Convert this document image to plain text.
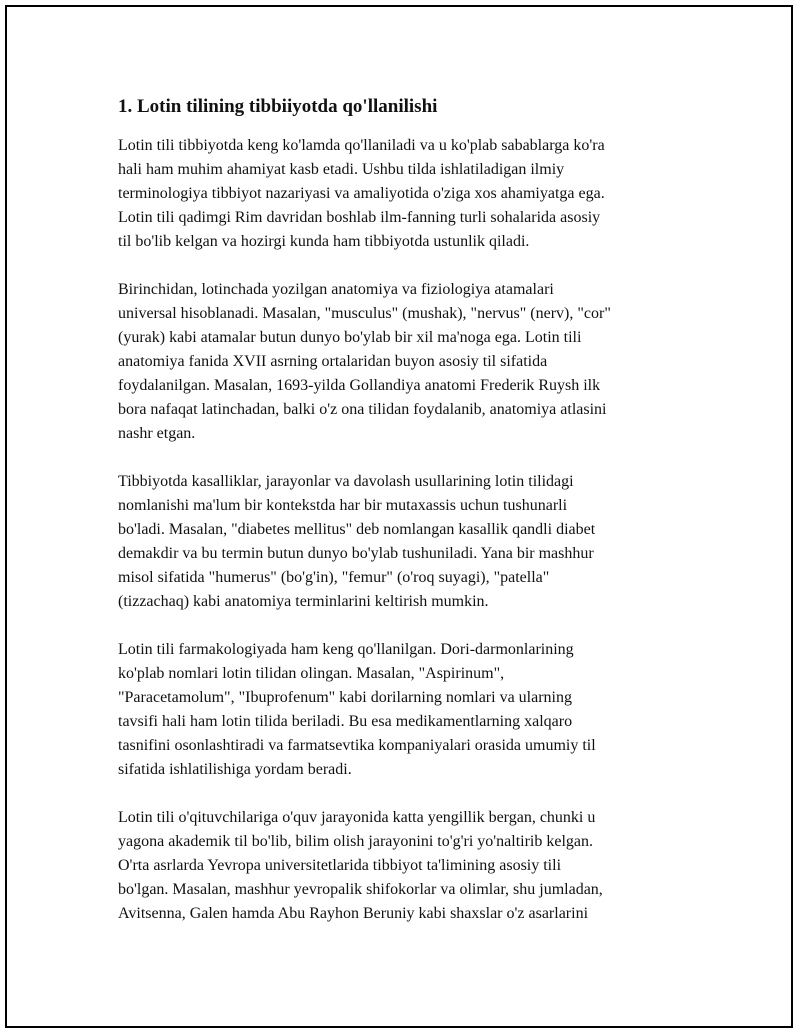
1. Lotin tilining tibbiiyotda qo'llanilishi
Lotin tili tibbiyotda keng ko'lamda qo'llaniladi va u ko'plab sabablarga ko'ra
hali ham muhim ahamiyat kasb etadi. Ushbu tilda ishlatiladigan ilmiy
terminologiya tibbiyot nazariyasi va amaliyotida o'ziga xos ahamiyatga ega.
Lotin tili qadimgi Rim davridan boshlab ilm-fanning turli sohalarida asosiy
til bo'lib kelgan va hozirgi kunda ham tibbiyotda ustunlik qiladi.
Birinchidan, lotinchada yozilgan anatomiya va fiziologiya atamalari
universal hisoblanadi. Masalan, "musculus" (mushak), "nervus" (nerv), "cor"
(yurak) kabi atamalar butun dunyo bo'ylab bir xil ma'noga ega. Lotin tili
anatomiya fanida XVII asrning ortalaridan buyon asosiy til sifatida
foydalanilgan. Masalan, 1693-yilda Gollandiya anatomi Frederik Ruysh ilk
bora nafaqat latinchadan, balki o'z ona tilidan foydalanib, anatomiya atlasini
nashr etgan.
Tibbiyotda kasalliklar, jarayonlar va davolash usullarining lotin tilidagi
nomlanishi ma'lum bir kontekstda har bir mutaxassis uchun tushunarli
bo'ladi. Masalan, "diabetes mellitus" deb nomlangan kasallik qandli diabet
demakdir va bu termin butun dunyo bo'ylab tushuniladi. Yana bir mashhur
misol sifatida "humerus" (bo'g'in), "femur" (o'roq suyagi), "patella"
(tizzachaq) kabi anatomiya terminlarini keltirish mumkin.
Lotin tili farmakologiyada ham keng qo'llanilgan. Dori-darmonlarining
ko'plab nomlari lotin tilidan olingan. Masalan, "Aspirinum",
"Paracetamolum", "Ibuprofenum" kabi dorilarning nomlari va ularning
tavsifi hali ham lotin tilida beriladi. Bu esa medikamentlarning xalqaro
tasnifini osonlashtiradi va farmatsevtika kompaniyalari orasida umumiy til
sifatida ishlatilishiga yordam beradi.
Lotin tili o'qituvchilariga o'quv jarayonida katta yengillik bergan, chunki u
yagona akademik til bo'lib, bilim olish jarayonini to'g'ri yo'naltirib kelgan.
O'rta asrlarda Yevropa universitetlarida tibbiyot ta'limining asosiy tili
bo'lgan. Masalan, mashhur yevropalik shifokorlar va olimlar, shu jumladan,
Avitsenna, Galen hamda Abu Rayhon Beruniy kabi shaxslar o'z asarlarini
